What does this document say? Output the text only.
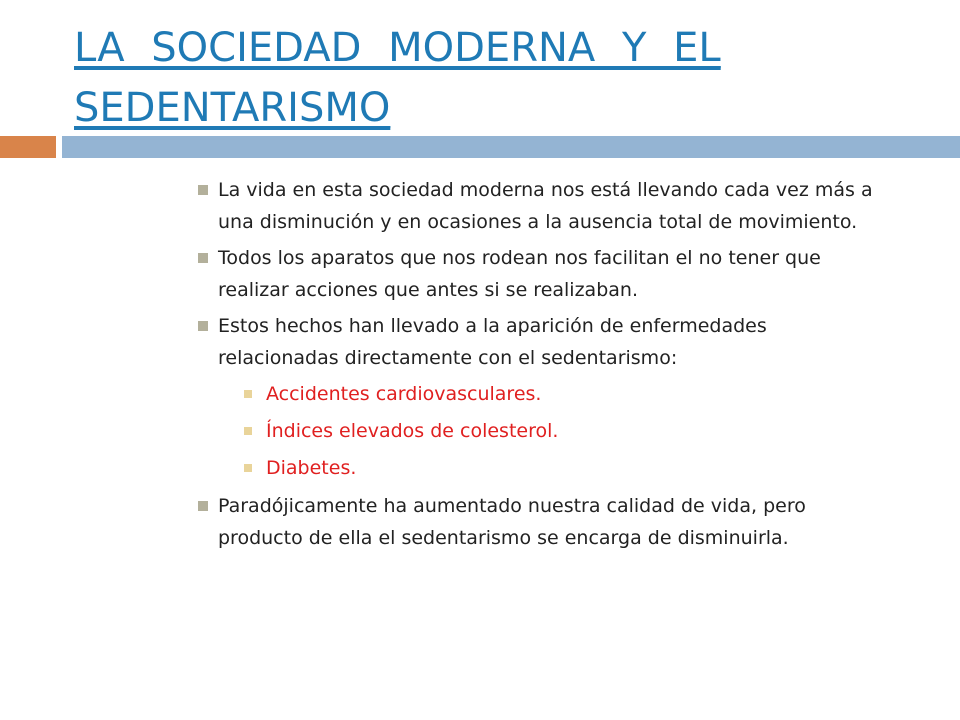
LA SOCIEDAD MODERNA Y EL SEDENTARISMO
La vida en esta sociedad moderna nos está llevando cada vez más a una disminución y en ocasiones a la ausencia total de movimiento.
Todos los aparatos que nos rodean nos facilitan el no tener que realizar acciones que antes si se realizaban.
Estos hechos han llevado a la aparición de enfermedades relacionadas directamente con el sedentarismo:
Accidentes cardiovasculares.
Índices elevados de colesterol.
Diabetes.
Paradójicamente ha aumentado nuestra calidad de vida, pero producto de ella el sedentarismo se encarga de disminuirla.
